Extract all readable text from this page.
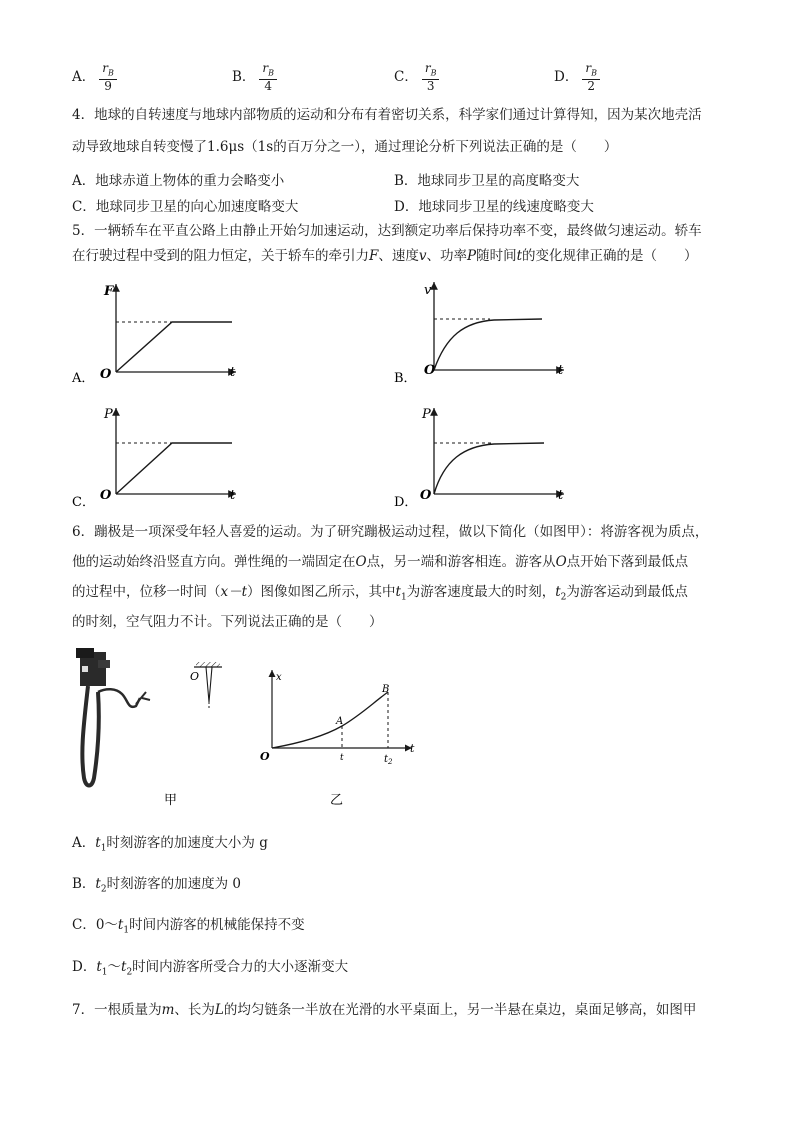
A． $\frac{r_B}{9}$	B． $\frac{r_B}{4}$	C． $\frac{r_B}{3}$	D． $\frac{r_B}{2}$
4．地球的自转速度与地球内部物质的运动和分布有着密切关系，科学家们通过计算得知，因为某次地壳活
动导致地球自转变慢了1.6μs（1s的百万分之一），通过理论分析下列说法正确的是（　　）
A．地球赤道上物体的重力会略变小	B．地球同步卫星的高度略变大
C．地球同步卫星的向心加速度略变大	D．地球同步卫星的线速度略变大
5．一辆轿车在平直公路上由静止开始匀加速运动，达到额定功率后保持功率不变，最终做匀速运动。轿车
在行驶过程中受到的阻力恒定，关于轿车的牵引力F、速度v、功率P随时间t的变化规律正确的是（　　）
A．
F
O	t	B．
v
O	t
C．
P
O	t	D．
P
O	t
6．蹦极是一项深受年轻人喜爱的运动。为了研究蹦极运动过程，做以下简化（如图甲）：将游客视为质点，
他的运动始终沿竖直方向。弹性绳的一端固定在O点，另一端和游客相连。游客从O点开始下落到最低点
的过程中，位移一时间（x－t）图像如图乙所示，其中$t_1$为游客速度最大的时刻，$t_2$为游客运动到最低点
的时刻，空气阻力不计。下列说法正确的是（　　）
O	x
t
O
A
B
t	$t_2$
甲	乙
A．$t_1$时刻游客的加速度大小为 g
B．$t_2$时刻游客的加速度为 0
C．$0\sim t_1$时间内游客的机械能保持不变
D．$t_1\sim t_2$时间内游客所受合力的大小逐渐变大
7．一根质量为m、长为L的均匀链条一半放在光滑的水平桌面上，另一半悬在桌边，桌面足够高，如图甲
